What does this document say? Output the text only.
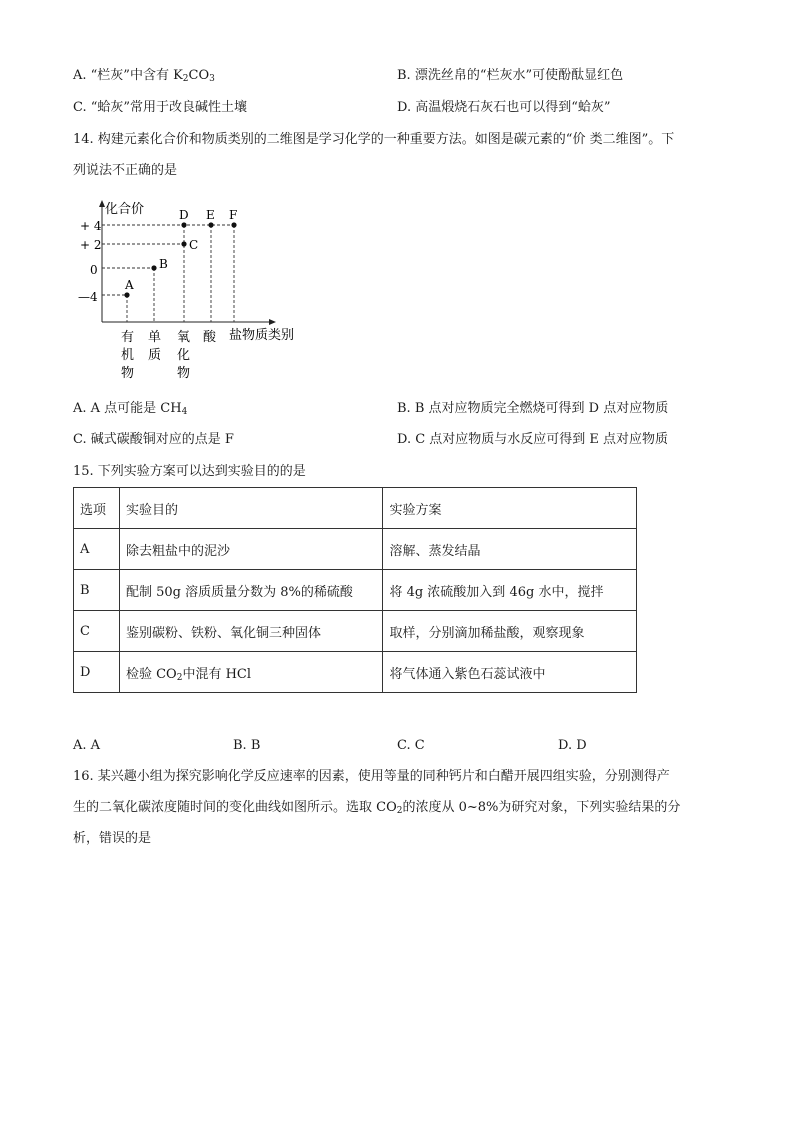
A. “栏灰”中含有 $K_2CO_3$	B. 漂洗丝帛的“栏灰水”可使酚酞显红色
C. “蛤灰”常用于改良碱性土壤	D. 高温煅烧石灰石也可以得到“蛤灰”
14. 构建元素化合价和物质类别的二维图是学习化学的一种重要方法。如图是碳元素的“价 类二维图”。下
列说法不正确的是
化合价
物质类别
+ 4
+ 2
0
—4
A
B
C
D E F
有
机
物
单
质
氧
化
物
酸 盐
A. A 点可能是 $CH_4$	B. B 点对应物质完全燃烧可得到 D 点对应物质
C. 碱式碳酸铜对应的点是 F	D. C 点对应物质与水反应可得到 E 点对应物质
15. 下列实验方案可以达到实验目的的是
选项	实验目的	实验方案
A	除去粗盐中的泥沙	溶解、蒸发结晶
B	配制 50g 溶质质量分数为 8%的稀硫酸	将 4g 浓硫酸加入到 46g 水中，搅拌
C	鉴别碳粉、铁粉、氧化铜三种固体	取样，分别滴加稀盐酸，观察现象
D	检验 $CO_2$中混有 HCl	将气体通入紫色石蕊试液中
A. A	B. B	C. C	D. D
16. 某兴趣小组为探究影响化学反应速率的因素，使用等量的同种钙片和白醋开展四组实验，分别测得产
生的二氧化碳浓度随时间的变化曲线如图所示。选取 $CO_2$的浓度从 0~8%为研究对象，下列实验结果的分
析，错误的是
